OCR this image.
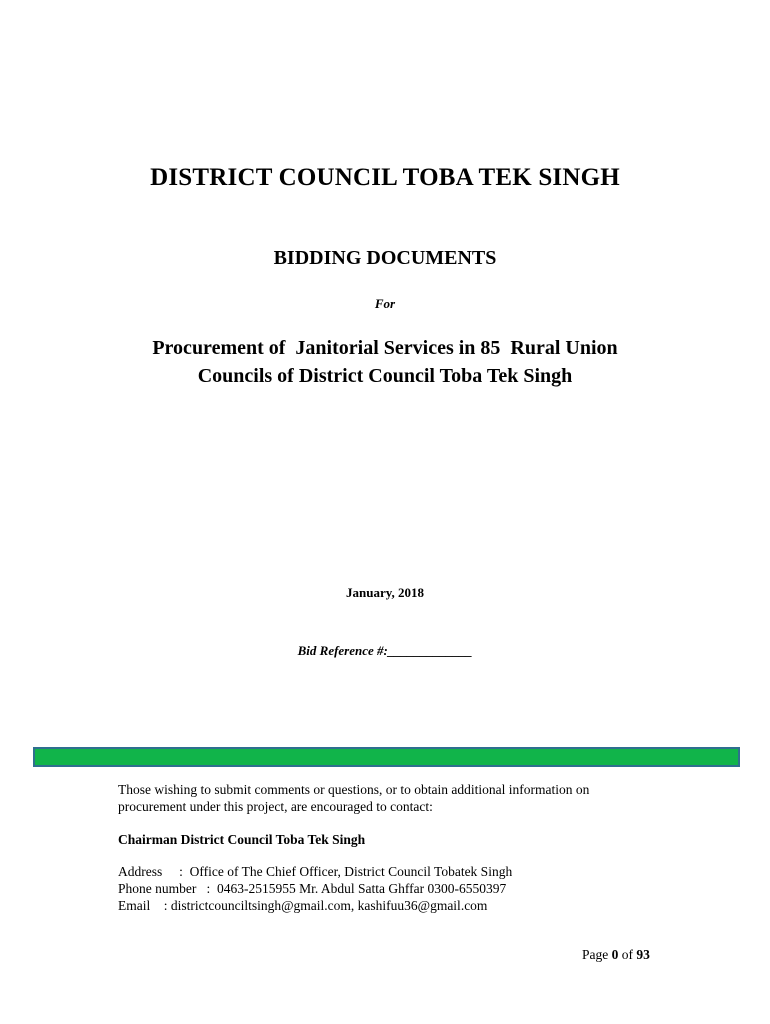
DISTRICT COUNCIL TOBA TEK SINGH
BIDDING DOCUMENTS
For
Procurement of  Janitorial Services in 85  Rural Union
Councils of District Council Toba Tek Singh
January, 2018
Bid Reference #:_____________
Those wishing to submit comments or questions, or to obtain additional information on
procurement under this project, are encouraged to contact:
Chairman District Council Toba Tek Singh
Address     :  Office of The Chief Officer, District Council Tobatek Singh
Phone number   :  0463-2515955 Mr. Abdul Satta Ghffar 0300-6550397
Email    : districtcounciltsingh@gmail.com, kashifuu36@gmail.com
Page 0 of 93
